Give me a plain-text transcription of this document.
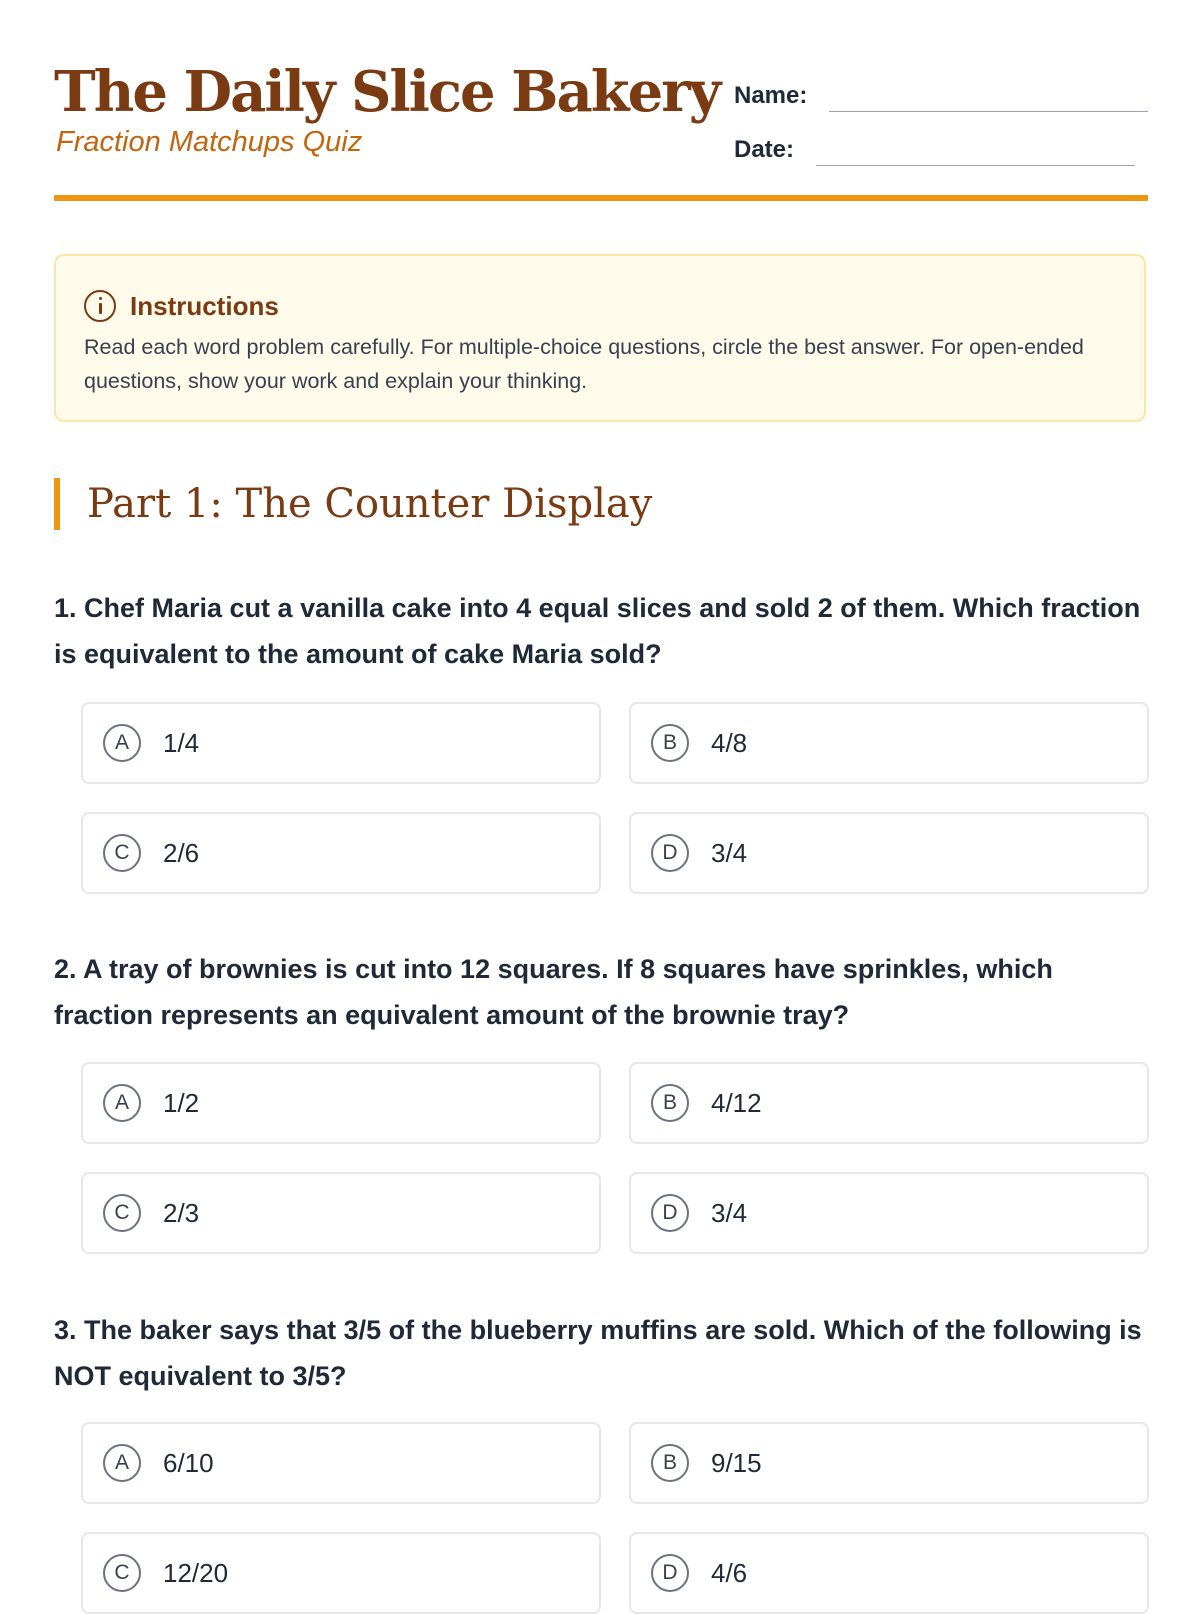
The Daily Slice Bakery

Fraction Matchups Quiz

Name:
Date:
Instructions

Read each word problem carefully. For multiple-choice questions, circle the best answer. For open-ended questions, show your work and explain your thinking.

Part 1: The Counter Display

1. Chef Maria cut a vanilla cake into 4 equal slices and sold 2 of them. Which fraction is equivalent to the amount of cake Maria sold?

A	1/4	B	4/8
C	2/6	D	3/4

2. A tray of brownies is cut into 12 squares. If 8 squares have sprinkles, which fraction represents an equivalent amount of the brownie tray?

A	1/2	B	4/12
C	2/3	D	3/4

3. The baker says that 3/5 of the blueberry muffins are sold. Which of the following is NOT equivalent to 3/5?

A	6/10	B	9/15
C	12/20	D	4/6
